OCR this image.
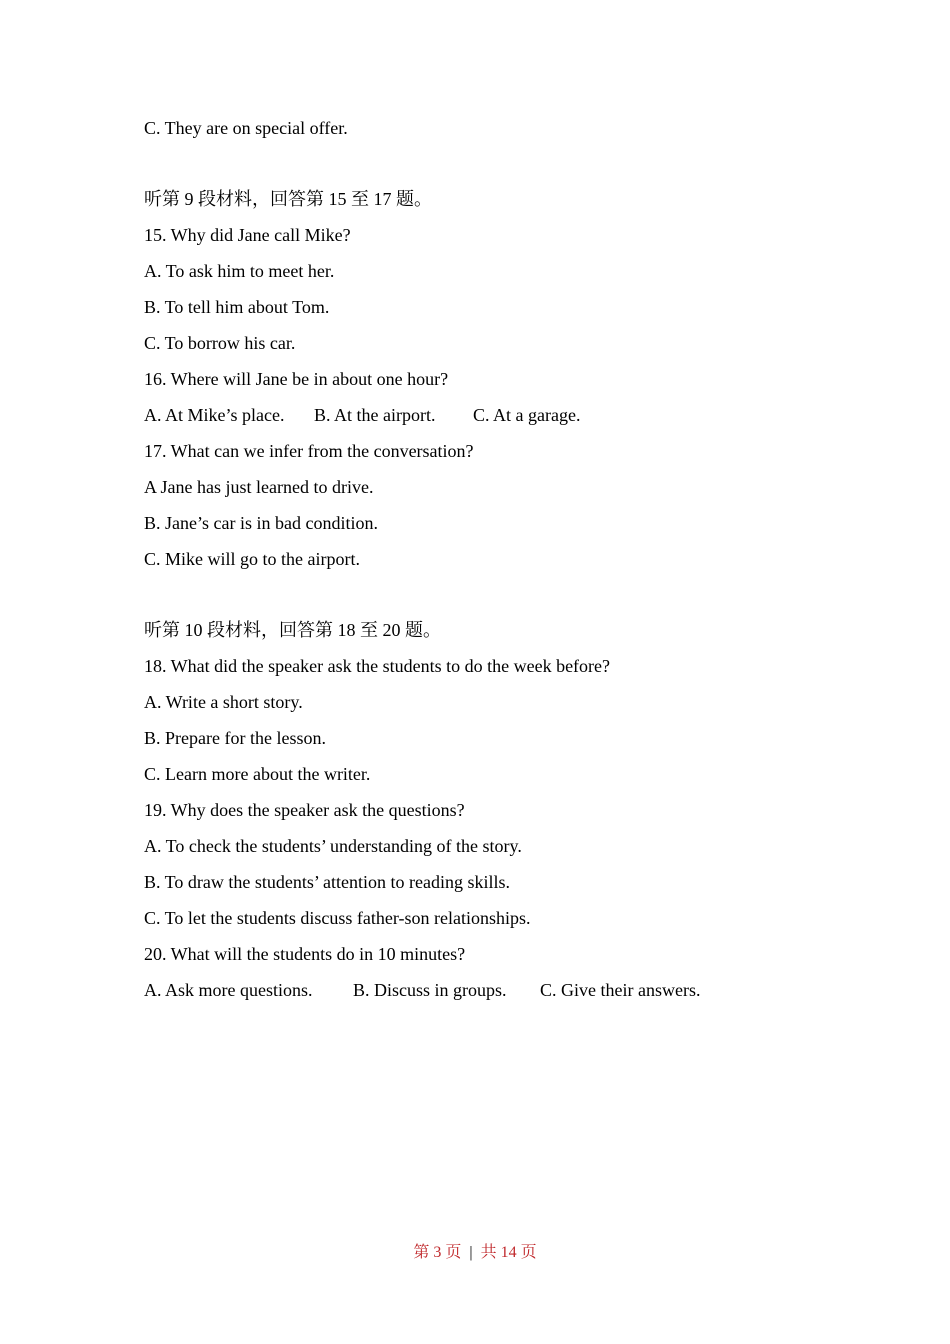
C. They are on special offer.
听第 9 段材料，回答第 15 至 17 题。
15. Why did Jane call Mike?
A. To ask him to meet her.
B. To tell him about Tom.
C. To borrow his car.
16. Where will Jane be in about one hour?

A. At Mike’s place.

B. At the airport.

C. At a garage.

17. What can we infer from the conversation?
A Jane has just learned to drive.
B. Jane’s car is in bad condition.
C. Mike will go to the airport.
听第 10 段材料，回答第 18 至 20 题。
18. What did the speaker ask the students to do the week before?
A. Write a short story.
B. Prepare for the lesson.
C. Learn more about the writer.
19. Why does the speaker ask the questions?
A. To check the students’ understanding of the story.
B. To draw the students’ attention to reading skills.
C. To let the students discuss father-son relationships.
20. What will the students do in 10 minutes?

A. Ask more questions.

B. Discuss in groups.

C. Give their answers.

第 3 页 | 共 14 页
